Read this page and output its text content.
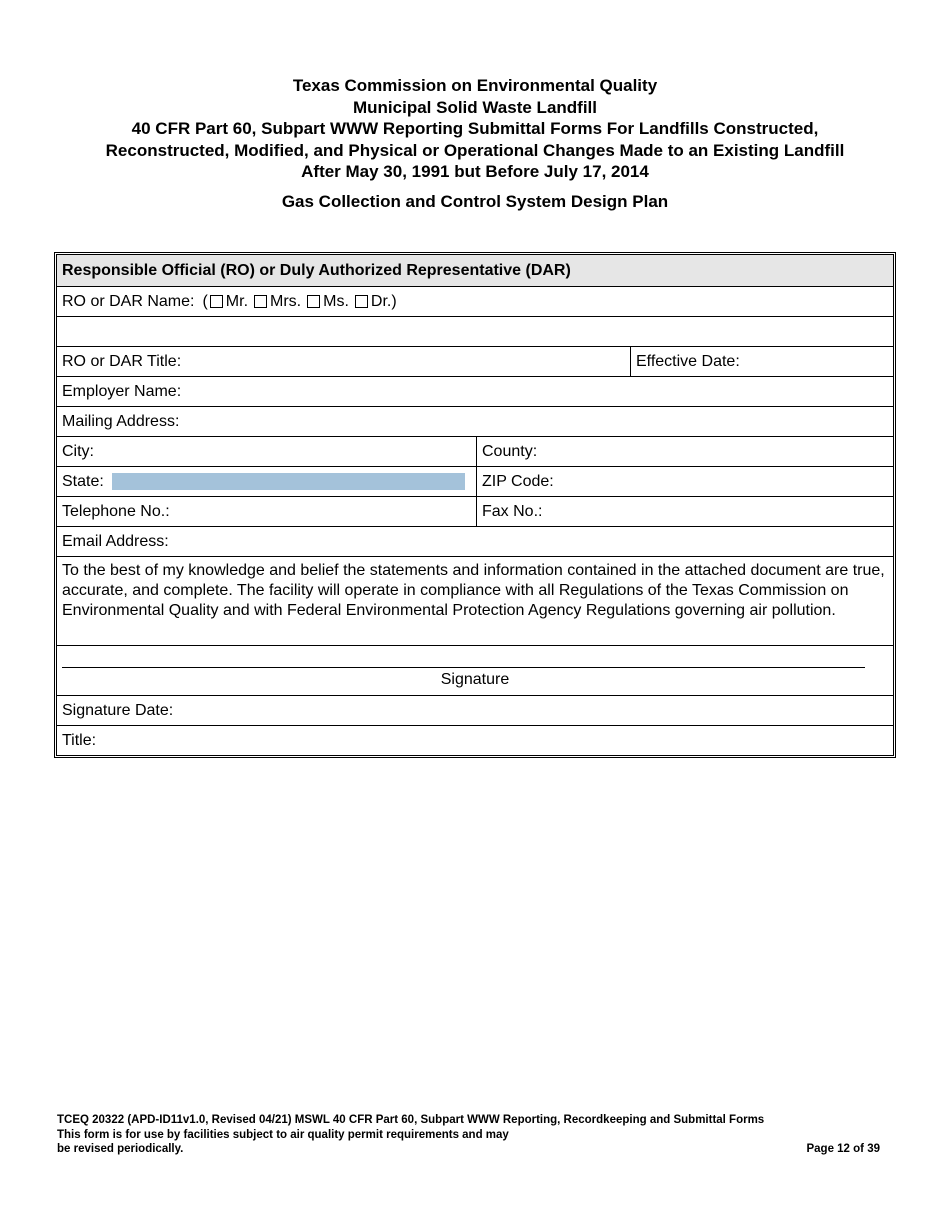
Texas Commission on Environmental Quality
Municipal Solid Waste Landfill
40 CFR Part 60, Subpart WWW Reporting Submittal Forms For Landfills Constructed,
Reconstructed, Modified, and Physical or Operational Changes Made to an Existing Landfill
After May 30, 1991 but Before July 17, 2014
Gas Collection and Control System Design Plan
Responsible Official (RO) or Duly Authorized Representative (DAR)
RO or DAR Name: ( Mr. Mrs. Ms. Dr. )
RO or DAR Title:	Effective Date:
Employer Name:
Mailing Address:
City:	County:
State:	ZIP Code:
Telephone No.:	Fax No.:
Email Address:
To the best of my knowledge and belief the statements and information contained in the attached document are true, accurate, and complete. The facility will operate in compliance with all Regulations of the Texas Commission on Environmental Quality and with Federal Environmental Protection Agency Regulations governing air pollution.
Signature
Signature Date:
Title:
TCEQ 20322 (APD-ID11v1.0, Revised 04/21) MSWL 40 CFR Part 60, Subpart WWW Reporting, Recordkeeping and Submittal Forms
This form is for use by facilities subject to air quality permit requirements and may
be revised periodically.	Page 12 of 39
